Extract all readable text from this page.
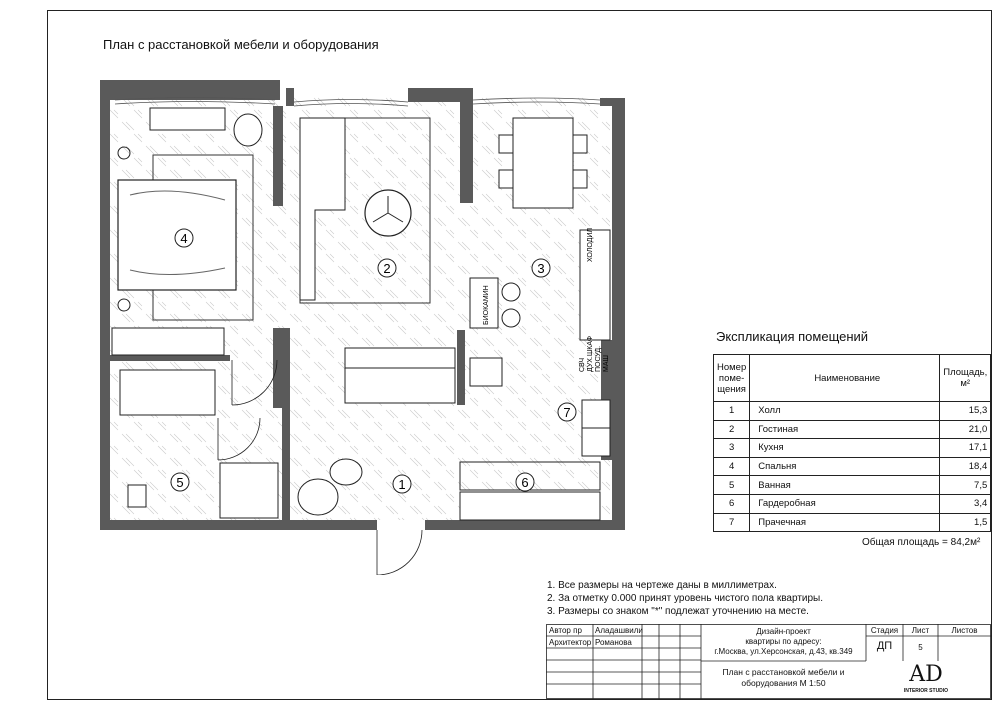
План с расстановкой мебели и оборудования
1
2	3
4
5	6
7
ХОЛОДИЛ
БИОКАМИН
СВЧ ДУХ.ШКАФ ПОСУД. МАШ
Экспликация помещений
Номер поме- щения	Наименование	Площадь, м²
1	Холл	15,3
2	Гостиная	21,0
3	Кухня	17,1
4	Спальня	18,4
5	Ванная	7,5
6	Гардеробная	3,4
7	Прачечная	1,5
Общая площадь = 84,2м²
1. Все размеры на чертеже даны в миллиметрах.
2. За отметку 0.000 принят уровень чистого пола квартиры.
3. Размеры со знаком "*" подлежат уточнению на месте.
Автор пр Аладашвили
Архитектор Романова
Дизайн-проект
квартиры по адресу:
г.Москва, ул.Херсонская, д.43, кв.349
План с расстановкой мебели и
оборудования М 1:50
Стадия	Лист	Листов
ДП	5
AD
INTERIOR STUDIO
